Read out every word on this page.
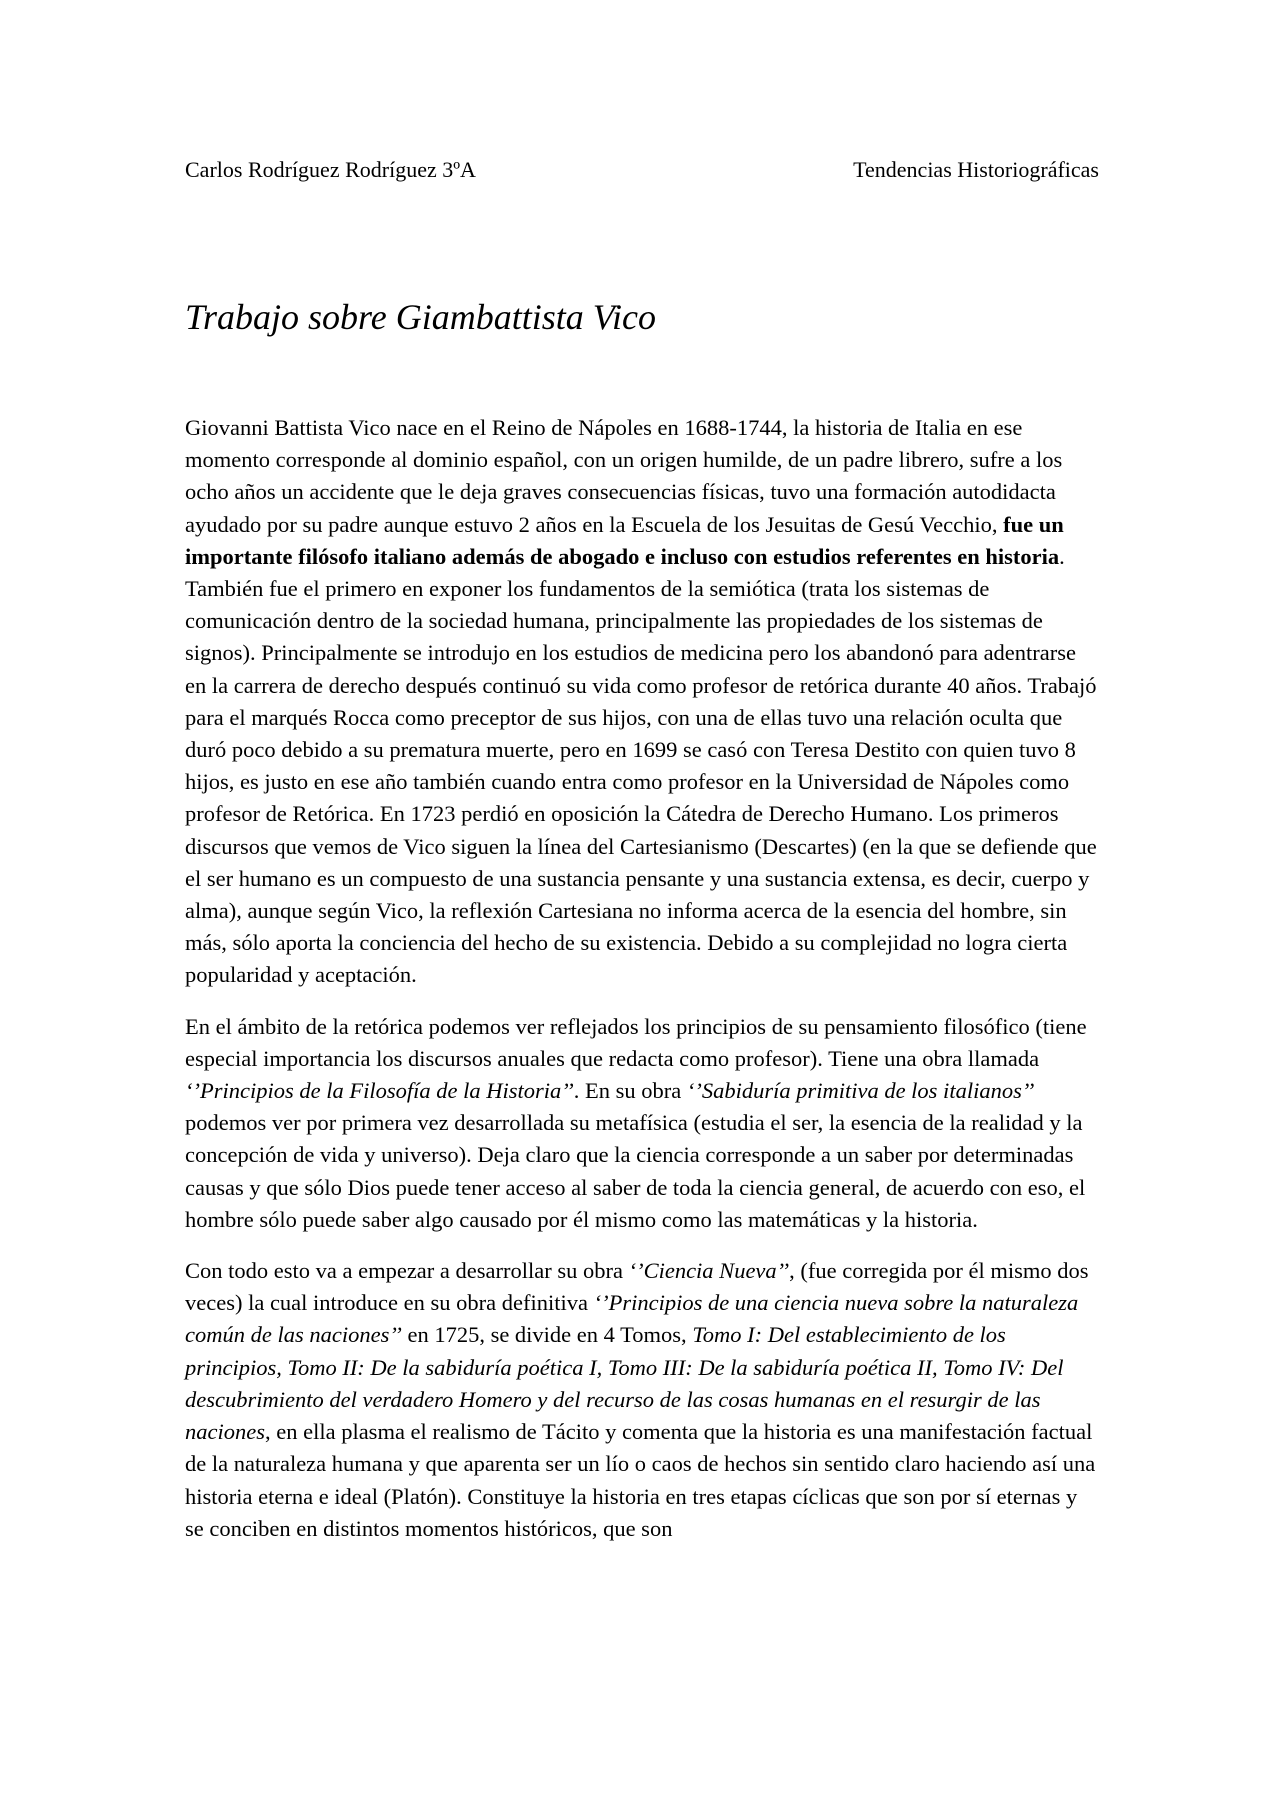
Carlos Rodríguez Rodríguez 3ºA	Tendencias Historiográficas
Trabajo sobre Giambattista Vico

Giovanni Battista Vico nace en el Reino de Nápoles en 1688-1744, la historia de Italia en ese momento corresponde al dominio español, con un origen humilde, de un padre librero, sufre a los ocho años un accidente que le deja graves consecuencias físicas, tuvo una formación autodidacta ayudado por su padre aunque estuvo 2 años en la Escuela de los Jesuitas de Gesú Vecchio, fue un importante filósofo italiano además de abogado e incluso con estudios referentes en historia. También fue el primero en exponer los fundamentos de la semiótica (trata los sistemas de comunicación dentro de la sociedad humana, principalmente las propiedades de los sistemas de signos). Principalmente se introdujo en los estudios de medicina pero los abandonó para adentrarse en la carrera de derecho después continuó su vida como profesor de retórica durante 40 años. Trabajó para el marqués Rocca como preceptor de sus hijos, con una de ellas tuvo una relación oculta que duró poco debido a su prematura muerte, pero en 1699 se casó con Teresa Destito con quien tuvo 8 hijos, es justo en ese año también cuando entra como profesor en la Universidad de Nápoles como profesor de Retórica. En 1723 perdió en oposición la Cátedra de Derecho Humano. Los primeros discursos que vemos de Vico siguen la línea del Cartesianismo (Descartes) (en la que se defiende que el ser humano es un compuesto de una sustancia pensante y una sustancia extensa, es decir, cuerpo y alma), aunque según Vico, la reflexión Cartesiana no informa acerca de la esencia del hombre, sin más, sólo aporta la conciencia del hecho de su existencia. Debido a su complejidad no logra cierta popularidad y aceptación.

En el ámbito de la retórica podemos ver reflejados los principios de su pensamiento filosófico (tiene especial importancia los discursos anuales que redacta como profesor). Tiene una obra llamada ‘’Principios de la Filosofía de la Historia’’. En su obra ‘’Sabiduría primitiva de los italianos’’ podemos ver por primera vez desarrollada su metafísica (estudia el ser, la esencia de la realidad y la concepción de vida y universo). Deja claro que la ciencia corresponde a un saber por determinadas causas y que sólo Dios puede tener acceso al saber de toda la ciencia general, de acuerdo con eso, el hombre sólo puede saber algo causado por él mismo como las matemáticas y la historia.

Con todo esto va a empezar a desarrollar su obra ‘’Ciencia Nueva’’, (fue corregida por él mismo dos veces) la cual introduce en su obra definitiva ‘’Principios de una ciencia nueva sobre la naturaleza común de las naciones’’ en 1725, se divide en 4 Tomos, Tomo I: Del establecimiento de los principios, Tomo II: De la sabiduría poética I, Tomo III: De la sabiduría poética II, Tomo IV: Del descubrimiento del verdadero Homero y del recurso de las cosas humanas en el resurgir de las naciones, en ella plasma el realismo de Tácito y comenta que la historia es una manifestación factual de la naturaleza humana y que aparenta ser un lío o caos de hechos sin sentido claro haciendo así una historia eterna e ideal (Platón). Constituye la historia en tres etapas cíclicas que son por sí eternas y se conciben en distintos momentos históricos, que son
